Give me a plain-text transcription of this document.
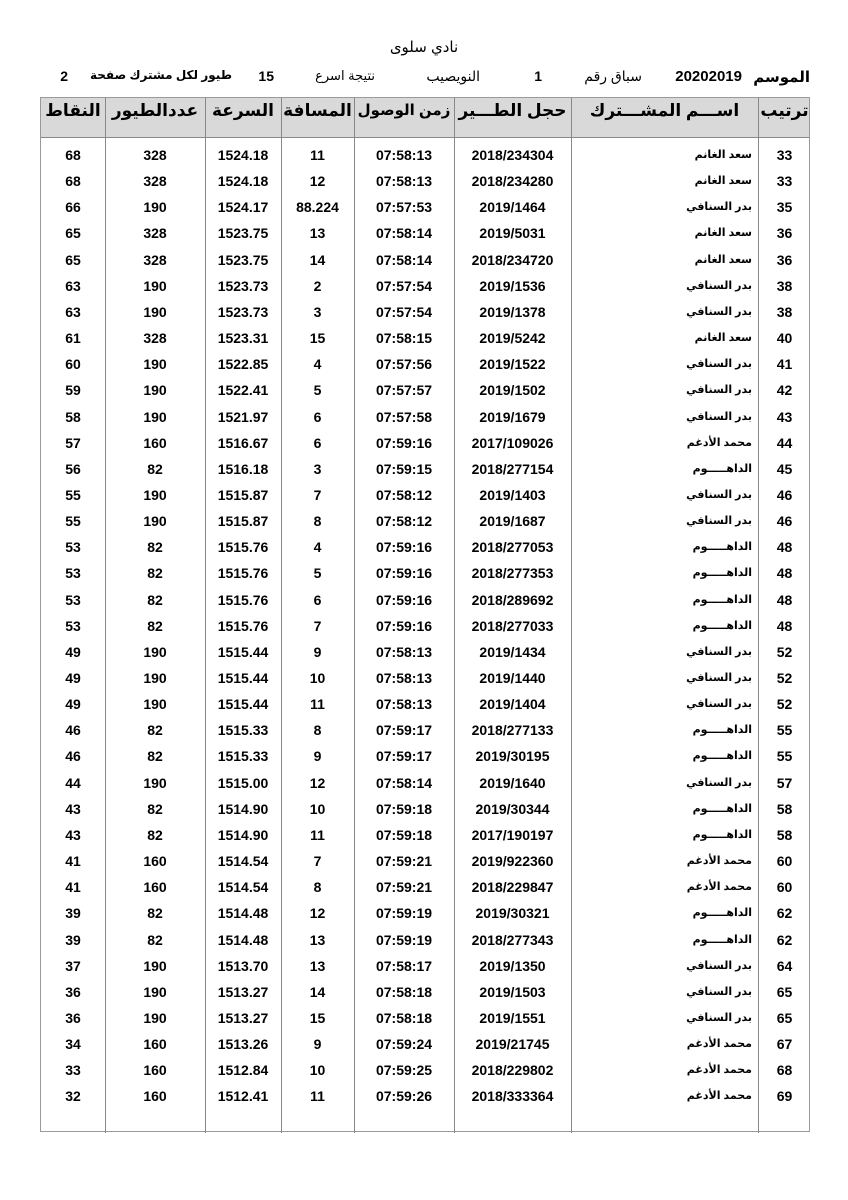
نادي سلوى
الموسم
20202019
سباق رقم
1
النويصيب
نتيجة اسرع
15
طيور لكل مشترك صفحة
2
ترتيب
اســـم المشـــترك
حجل الطـــير
زمن الوصول
المسافة
السرعة
عددالطيور
النقاط
33
سعد الغانم
2018/234304
07:58:13
11
1524.18
328
68
33
سعد الغانم
2018/234280
07:58:13
12
1524.18
328
68
35
بدر السنافي
2019/1464
07:57:53
88.224
1524.17
190
66
36
سعد الغانم
2019/5031
07:58:14
13
1523.75
328
65
36
سعد الغانم
2018/234720
07:58:14
14
1523.75
328
65
38
بدر السنافي
2019/1536
07:57:54
2
1523.73
190
63
38
بدر السنافي
2019/1378
07:57:54
3
1523.73
190
63
40
سعد الغانم
2019/5242
07:58:15
15
1523.31
328
61
41
بدر السنافي
2019/1522
07:57:56
4
1522.85
190
60
42
بدر السنافي
2019/1502
07:57:57
5
1522.41
190
59
43
بدر السنافي
2019/1679
07:57:58
6
1521.97
190
58
44
محمد الأدغم
2017/109026
07:59:16
6
1516.67
160
57
45
الداهـــــوم
2018/277154
07:59:15
3
1516.18
82
56
46
بدر السنافي
2019/1403
07:58:12
7
1515.87
190
55
46
بدر السنافي
2019/1687
07:58:12
8
1515.87
190
55
48
الداهـــــوم
2018/277053
07:59:16
4
1515.76
82
53
48
الداهـــــوم
2018/277353
07:59:16
5
1515.76
82
53
48
الداهـــــوم
2018/289692
07:59:16
6
1515.76
82
53
48
الداهـــــوم
2018/277033
07:59:16
7
1515.76
82
53
52
بدر السنافي
2019/1434
07:58:13
9
1515.44
190
49
52
بدر السنافي
2019/1440
07:58:13
10
1515.44
190
49
52
بدر السنافي
2019/1404
07:58:13
11
1515.44
190
49
55
الداهـــــوم
2018/277133
07:59:17
8
1515.33
82
46
55
الداهـــــوم
2019/30195
07:59:17
9
1515.33
82
46
57
بدر السنافي
2019/1640
07:58:14
12
1515.00
190
44
58
الداهـــــوم
2019/30344
07:59:18
10
1514.90
82
43
58
الداهـــــوم
2017/190197
07:59:18
11
1514.90
82
43
60
محمد الأدغم
2019/922360
07:59:21
7
1514.54
160
41
60
محمد الأدغم
2018/229847
07:59:21
8
1514.54
160
41
62
الداهـــــوم
2019/30321
07:59:19
12
1514.48
82
39
62
الداهـــــوم
2018/277343
07:59:19
13
1514.48
82
39
64
بدر السنافي
2019/1350
07:58:17
13
1513.70
190
37
65
بدر السنافي
2019/1503
07:58:18
14
1513.27
190
36
65
بدر السنافي
2019/1551
07:58:18
15
1513.27
190
36
67
محمد الأدغم
2019/21745
07:59:24
9
1513.26
160
34
68
محمد الأدغم
2018/229802
07:59:25
10
1512.84
160
33
69
محمد الأدغم
2018/333364
07:59:26
11
1512.41
160
32
